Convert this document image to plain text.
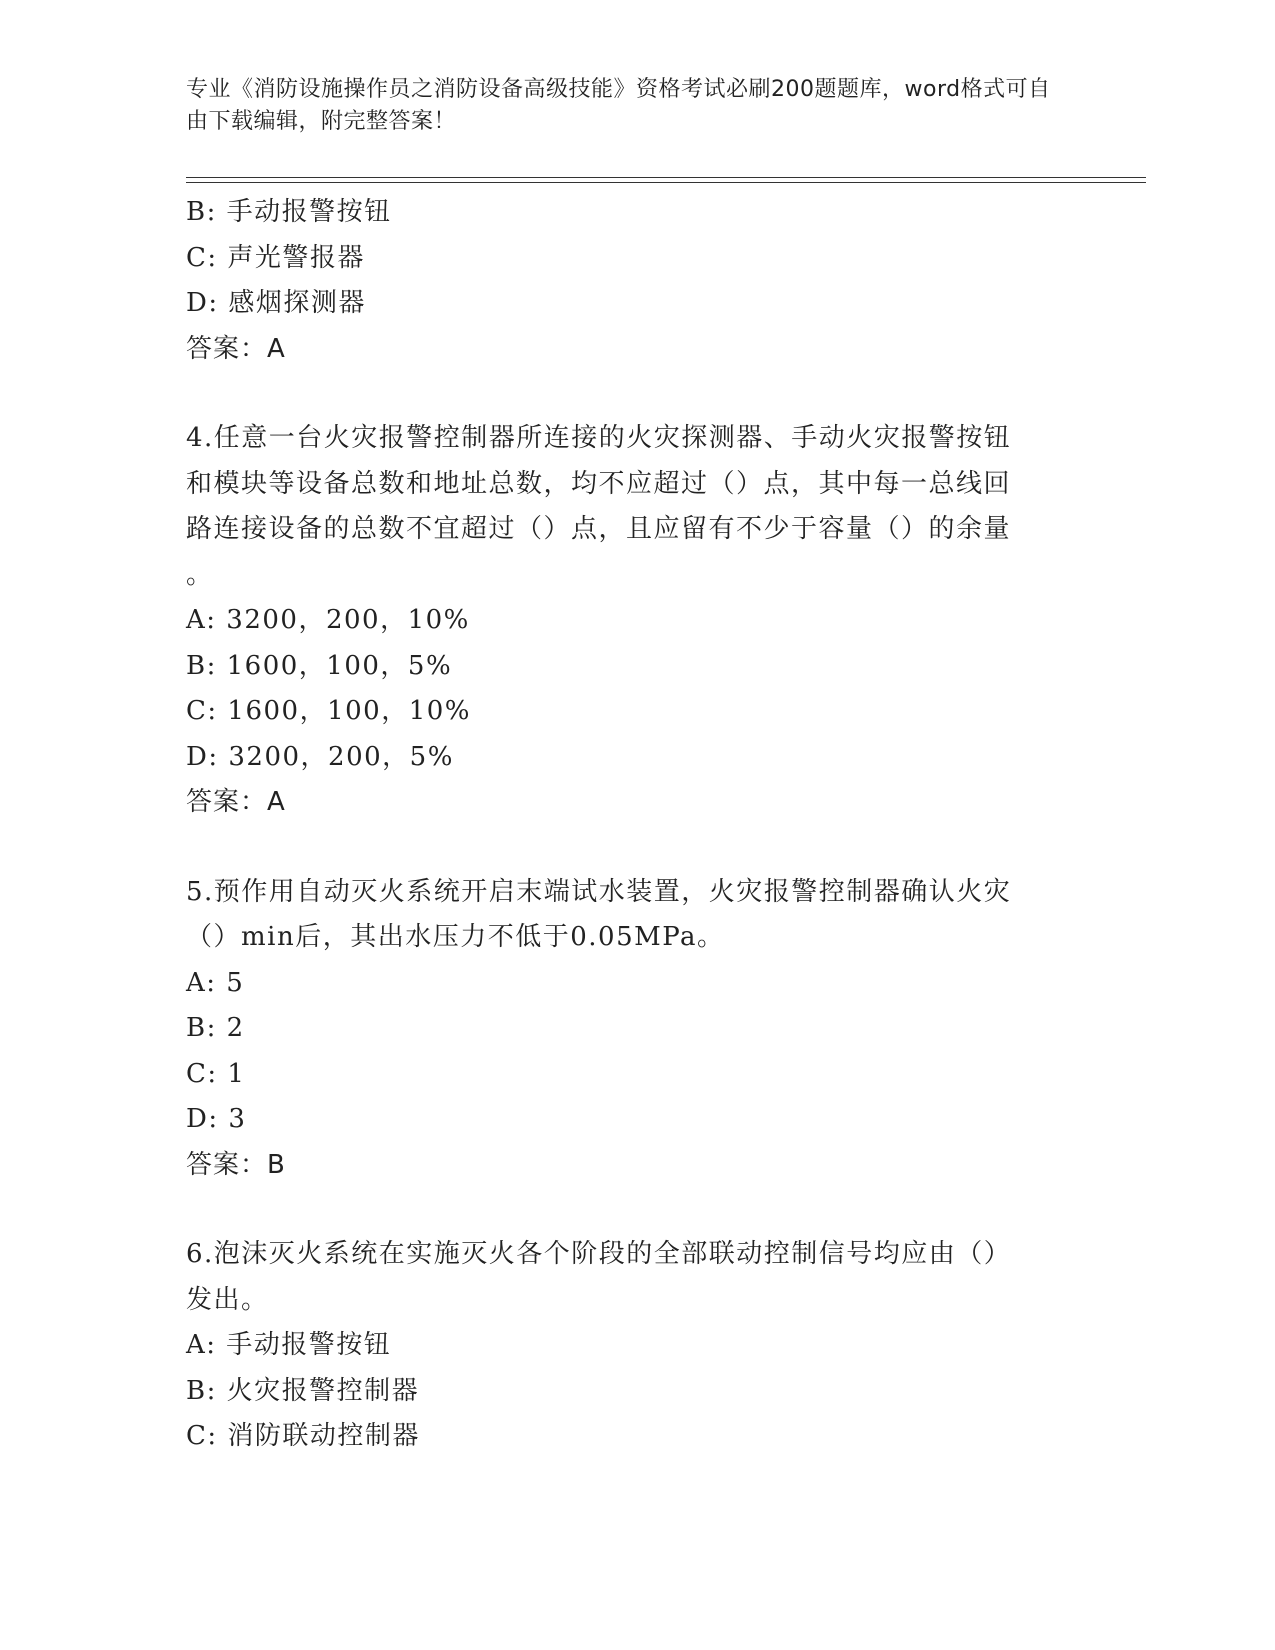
专业《消防设施操作员之消防设备高级技能》资格考试必刷200题题库，word格式可自由下载编辑，附完整答案！
B: 手动报警按钮
C: 声光警报器
D: 感烟探测器
答案：A
4.任意一台火灾报警控制器所连接的火灾探测器、手动火灾报警按钮
和模块等设备总数和地址总数，均不应超过（）点，其中每一总线回
路连接设备的总数不宜超过（）点，且应留有不少于容量（）的余量
。
A: 3200，200，10%
B: 1600，100，5%
C: 1600，100，10%
D: 3200，200，5%
答案：A
5.预作用自动灭火系统开启末端试水装置，火灾报警控制器确认火灾
（）min后，其出水压力不低于0.05MPa。
A: 5
B: 2
C: 1
D: 3
答案：B
6.泡沫灭火系统在实施灭火各个阶段的全部联动控制信号均应由（）
发出。
A: 手动报警按钮
B: 火灾报警控制器
C: 消防联动控制器
